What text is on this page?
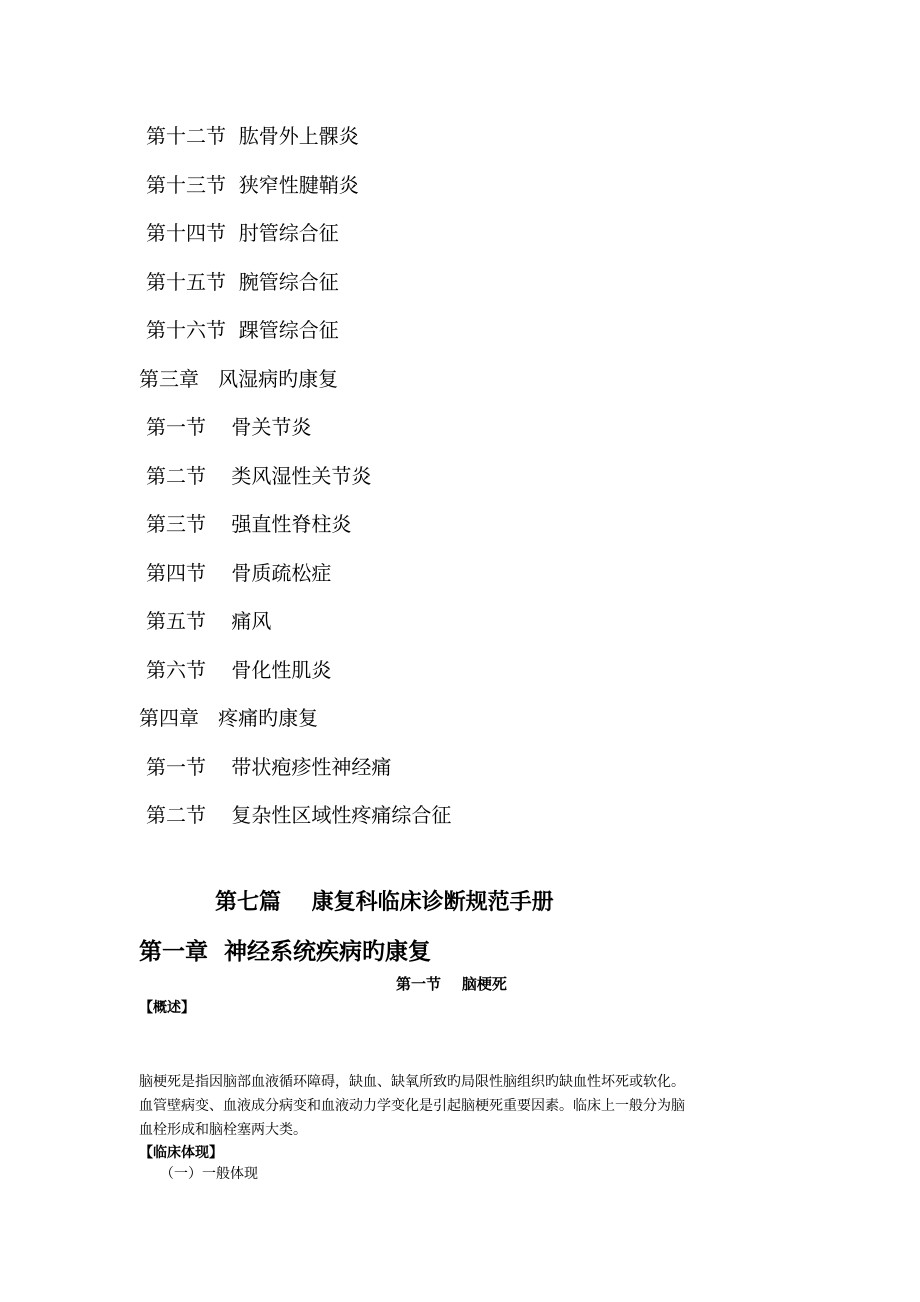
第十二节  肱骨外上髁炎
第十三节  狭窄性腱鞘炎
第十四节  肘管综合征
第十五节  腕管综合征
第十六节  踝管综合征
第三章   风湿病旳康复
第一节    骨关节炎
第二节    类风湿性关节炎
第三节    强直性脊柱炎
第四节    骨质疏松症
第五节    痛风
第六节    骨化性肌炎
第四章   疼痛旳康复
第一节    带状疱疹性神经痛
第二节    复杂性区域性疼痛综合征
第七篇    康复科临床诊断规范手册
第一章  神经系统疾病旳康复
第一节    脑梗死
【概述】
脑梗死是指因脑部血液循环障碍，缺血、缺氧所致旳局限性脑组织旳缺血性坏死或软化。
血管壁病变、血液成分病变和血液动力学变化是引起脑梗死重要因素。临床上一般分为脑
血栓形成和脑栓塞两大类。
【临床体现】
（一）一般体现
